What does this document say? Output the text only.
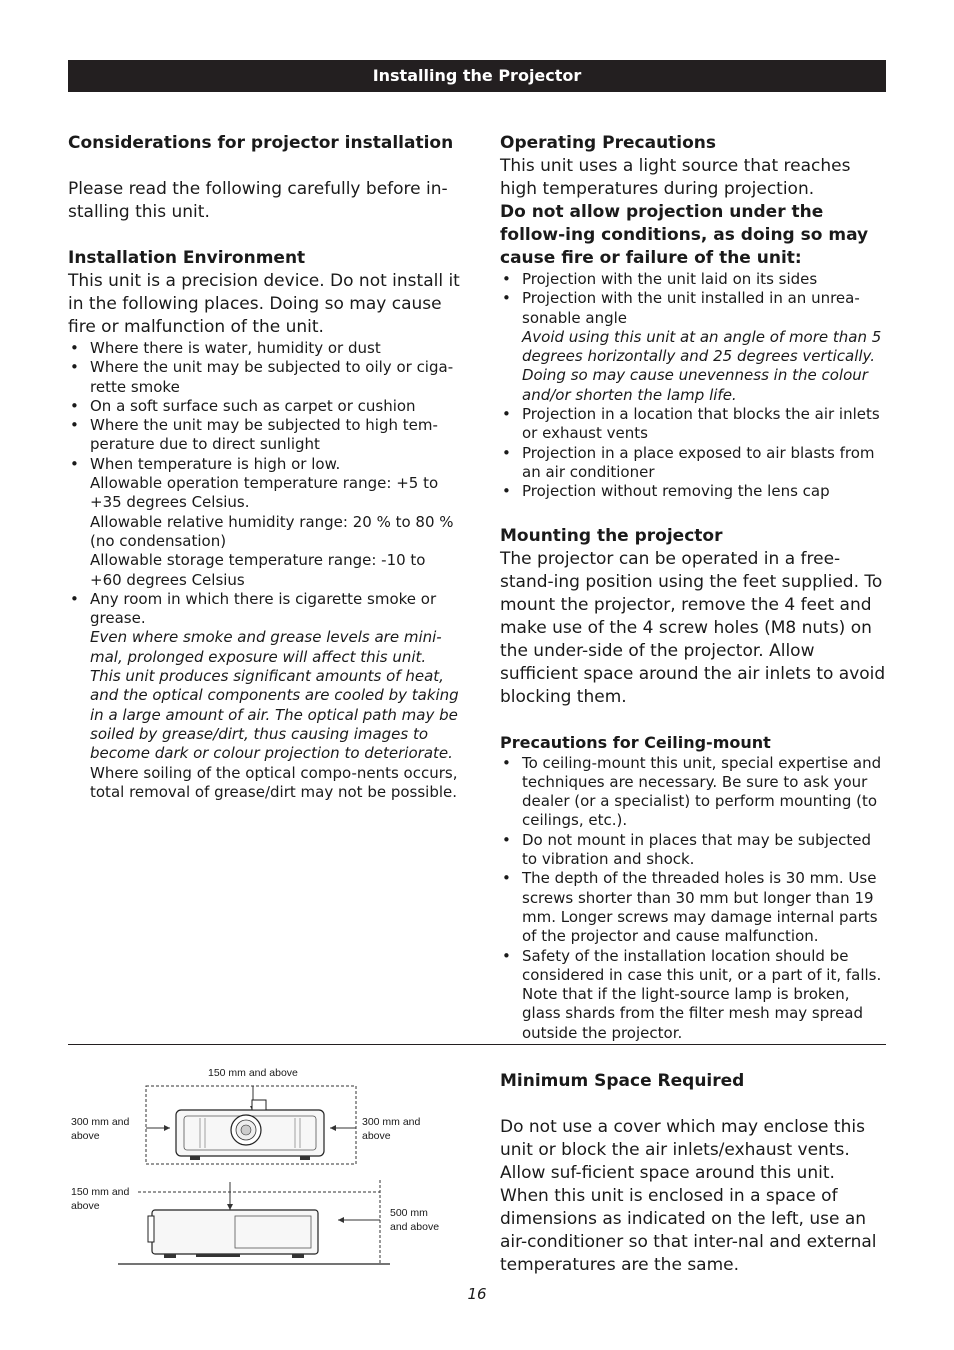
Installing the Projector

Considerations for projector installation

Please read the following carefully before in-stalling this unit.

Installation Environment

This unit is a precision device. Do not install it in the following places. Doing so may cause fire or malfunction of the unit.

• Where there is water, humidity or dust
• Where the unit may be subjected to oily or ciga-rette smoke
• On a soft surface such as carpet or cushion
• Where the unit may be subjected to high tem-perature due to direct sunlight
• When temperature is high or low.
Allowable operation temperature range: +5 to +35 degrees Celsius.
Allowable relative humidity range: 20 % to 80 % (no condensation)
Allowable storage temperature range: -10 to +60 degrees Celsius
• Any room in which there is cigarette smoke or grease.
Even where smoke and grease levels are mini-mal, prolonged exposure will affect this unit. This unit produces significant amounts of heat, and the optical components are cooled by taking in a large amount of air. The optical path may be soiled by grease/dirt, thus causing images to become dark or colour projection to deteriorate. Where soiling of the optical compo-nents occurs, total removal of grease/dirt may not be possible.

Operating Precautions

This unit uses a light source that reaches high temperatures during projection.

Do not allow projection under the follow-ing conditions, as doing so may cause fire or failure of the unit:

• Projection with the unit laid on its sides
• Projection with the unit installed in an unrea-sonable angle
Avoid using this unit at an angle of more than 5 degrees horizontally and 25 degrees vertically. Doing so may cause unevenness in the colour and/or shorten the lamp life.
• Projection in a location that blocks the air inlets or exhaust vents
• Projection in a place exposed to air blasts from an air conditioner
• Projection without removing the lens cap

Mounting the projector

The projector can be operated in a free-stand-ing position using the feet supplied. To mount the projector, remove the 4 feet and make use of the 4 screw holes (M8 nuts) on the under-side of the projector. Allow sufficient space around the air inlets to avoid blocking them.

Precautions for Ceiling-mount

• To ceiling-mount this unit, special expertise and techniques are necessary. Be sure to ask your dealer (or a specialist) to perform mounting (to ceilings, etc.).
• Do not mount in places that may be subjected to vibration and shock.
• The depth of the threaded holes is 30 mm. Use screws shorter than 30 mm but longer than 19 mm. Longer screws may damage internal parts of the projector and cause malfunction.
• Safety of the installation location should be considered in case this unit, or a part of it, falls. Note that if the light-source lamp is broken, glass shards from the filter mesh may spread outside the projector.

Minimum Space Required

Do not use a cover which may enclose this unit or block the air inlets/exhaust vents. Allow suf-ficient space around this unit. When this unit is enclosed in a space of dimensions as indicated on the left, use an air-conditioner so that inter-nal and external temperatures are the same.

150 mm and above
300 mm and
above
300 mm and
above
150 mm and
above
500 mm
and above
16
